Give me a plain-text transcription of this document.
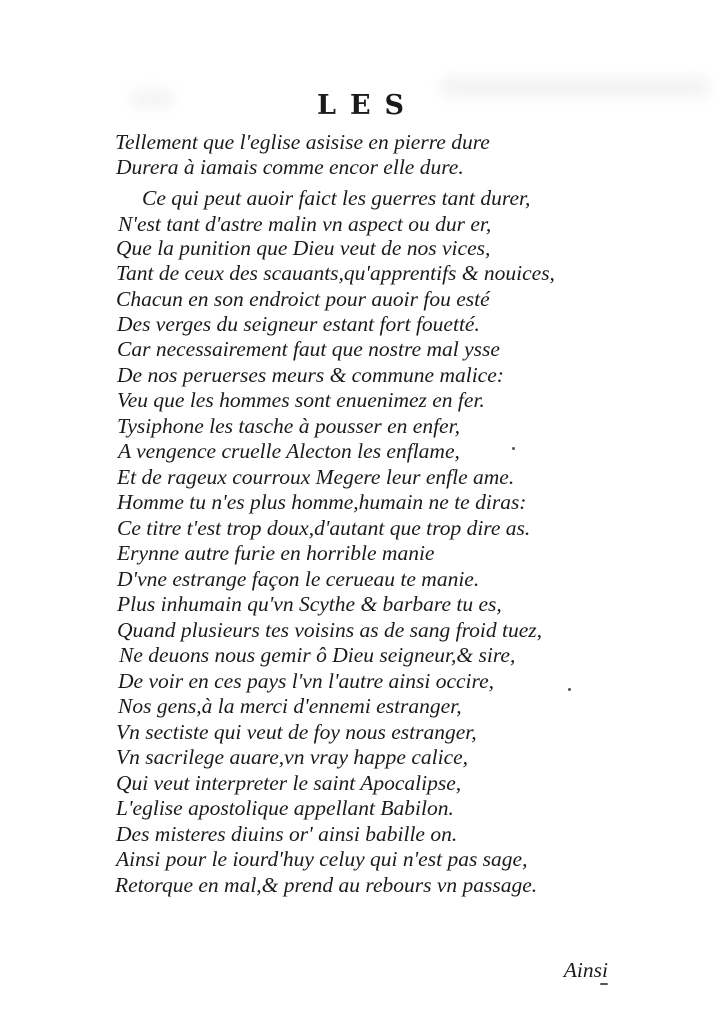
LES
Tellement que l'eglise asisise en pierre dure
Durera à iamais comme encor elle dure.
Ce qui peut auoir faict les guerres tant durer,
N'est tant d'astre malin vn aspect ou dur er,
Que la punition que Dieu veut de nos vices,
Tant de ceux des scauants,qu'apprentifs & nouices,
Chacun en son endroict pour auoir fou esté
Des verges du seigneur estant fort fouetté.
Car necessairement faut que nostre mal ysse
De nos peruerses meurs & commune malice:
Veu que les hommes sont enuenimez en fer.
Tysiphone les tasche à pousser en enfer,
A vengence cruelle Alecton les enflame,
Et de rageux courroux Megere leur enfle ame.
Homme tu n'es plus homme,humain ne te diras:
Ce titre t'est trop doux,d'autant que trop dire as.
Erynne autre furie en horrible manie
D'vne estrange façon le cerueau te manie.
Plus inhumain qu'vn Scythe & barbare tu es,
Quand plusieurs tes voisins as de sang froid tuez,
Ne deuons nous gemir ô Dieu seigneur,& sire,
De voir en ces pays l'vn l'autre ainsi occire,
Nos gens,à la merci d'ennemi estranger,
Vn sectiste qui veut de foy nous estranger,
Vn sacrilege auare,vn vray happe calice,
Qui veut interpreter le saint Apocalipse,
L'eglise apostolique appellant Babilon.
Des misteres diuins or' ainsi babille on.
Ainsi pour le iourd'huy celuy qui n'est pas sage,
Retorque en mal,& prend au rebours vn passage.
Ainsi
